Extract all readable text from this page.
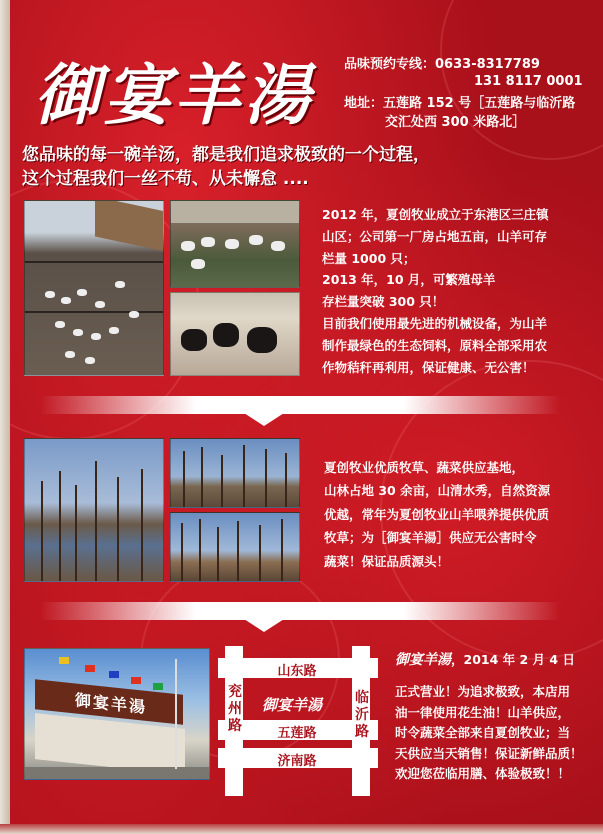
御宴羊湯 品味预约专线：0633-8317789
131 8117 0001
地址：五莲路 152 号［五莲路与临沂路
交汇处西 300 米路北］
您品味的每一碗羊汤，都是我们追求极致的一个过程，
这个过程我们一丝不苟、从未懈怠 ....
2012 年，夏创牧业成立于东港区三庄镇
山区；公司第一厂房占地五亩，山羊可存
栏量 1000 只；
2013 年，10 月，可繁殖母羊
存栏量突破 300 只！
目前我们使用最先进的机械设备，为山羊
制作最绿色的生态饲料，原料全部采用农
作物秸秆再利用，保证健康、无公害！
夏创牧业优质牧草、蔬菜供应基地，
山林占地 30 余亩，山清水秀，自然资源
优越，常年为夏创牧业山羊喂养提供优质
牧草；为［御宴羊湯］供应无公害时令
蔬菜！保证品质源头！
御宴羊湯
山东路
御宴羊湯
五莲路
济南路
兖
州
路
临
沂
路
御宴羊湯，2014 年 2 月 4 日
正式营业！为追求极致，本店用
油一律使用花生油！山羊供应，
时令蔬菜全部来自夏创牧业；当
天供应当天销售！保证新鲜品质！
欢迎您莅临用膳、体验极致！！
